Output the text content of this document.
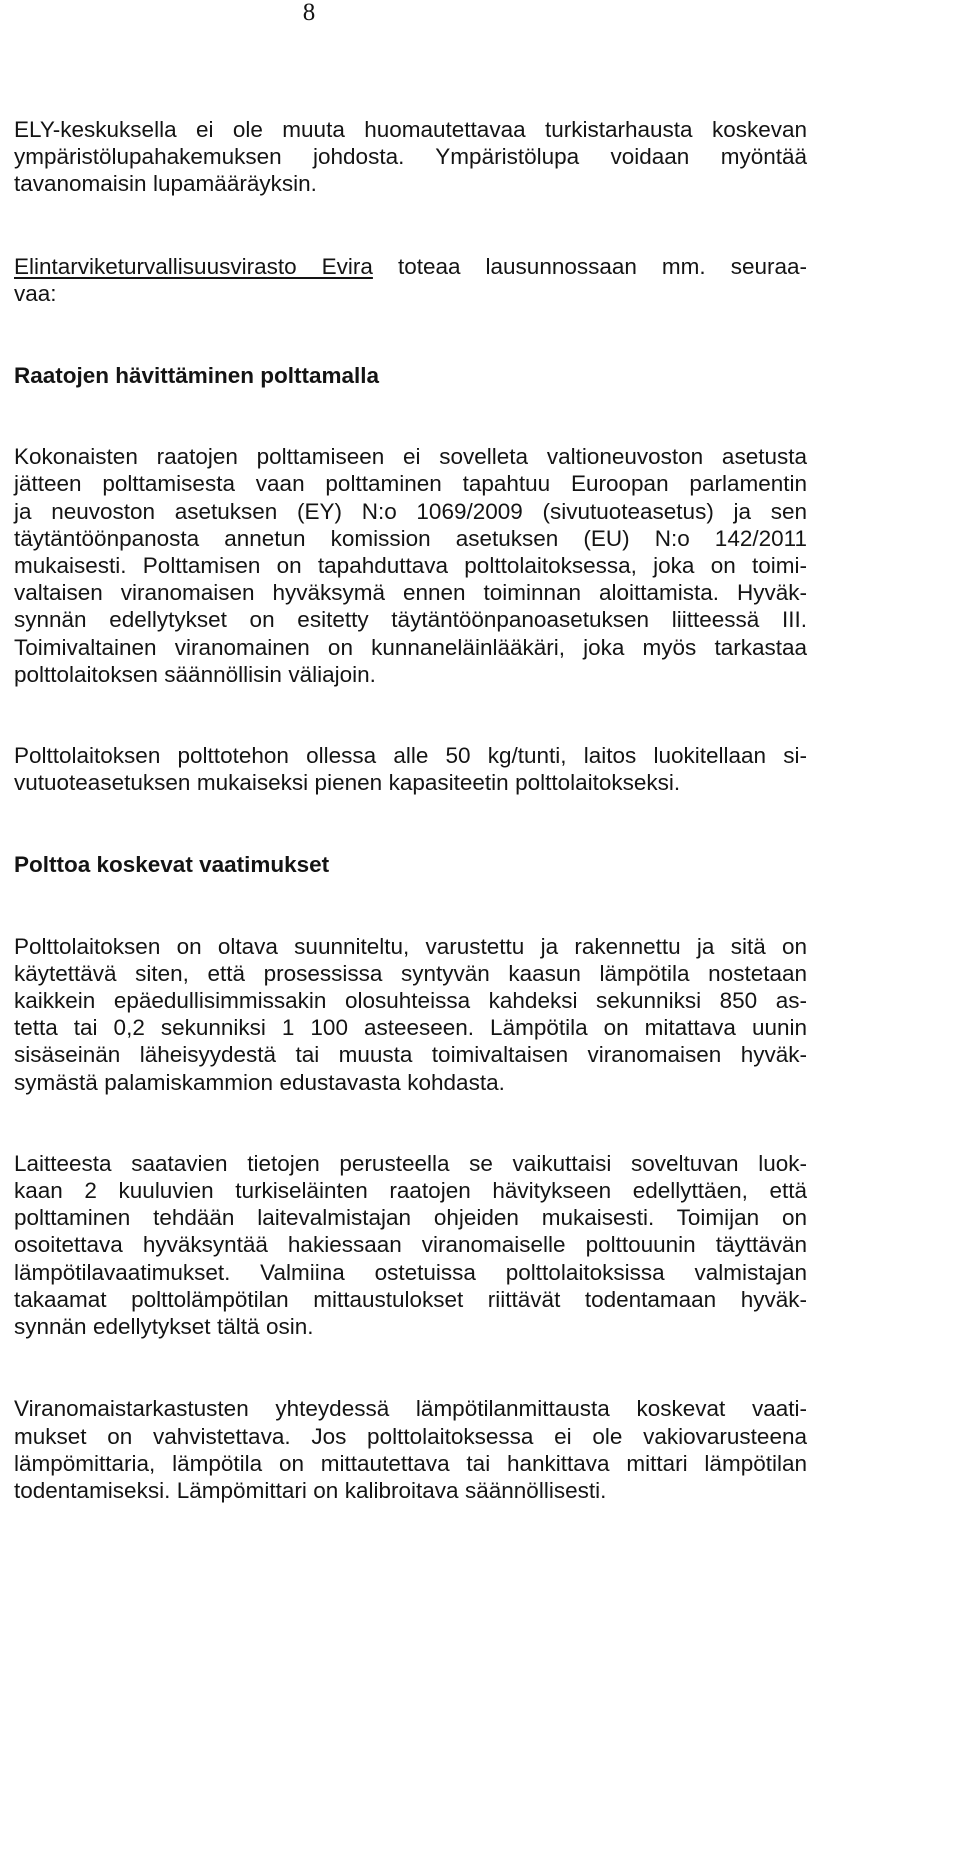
8

ELY-keskuksella ei ole muuta huomautettavaa turkistarhausta koskevan
ympäristölupahakemuksen johdosta. Ympäristölupa voidaan myöntää
tavanomaisin lupamääräyksin.

Elintarviketurvallisuusvirasto Evira toteaa lausunnossaan mm. seuraa-
vaa:

Raatojen hävittäminen polttamalla

Kokonaisten raatojen polttamiseen ei sovelleta valtioneuvoston asetusta
jätteen polttamisesta vaan polttaminen tapahtuu Euroopan parlamentin
ja neuvoston asetuksen (EY) N:o 1069/2009 (sivutuoteasetus) ja sen
täytäntöönpanosta annetun komission asetuksen (EU) N:o 142/2011
mukaisesti. Polttamisen on tapahduttava polttolaitoksessa, joka on toimi-
valtaisen viranomaisen hyväksymä ennen toiminnan aloittamista. Hyväk-
synnän edellytykset on esitetty täytäntöönpanoasetuksen liitteessä III.
Toimivaltainen viranomainen on kunnaneläinlääkäri, joka myös tarkastaa
polttolaitoksen säännöllisin väliajoin.

Polttolaitoksen polttotehon ollessa alle 50 kg/tunti, laitos luokitellaan si-
vutuoteasetuksen mukaiseksi pienen kapasiteetin polttolaitokseksi.

Polttoa koskevat vaatimukset

Polttolaitoksen on oltava suunniteltu, varustettu ja rakennettu ja sitä on
käytettävä siten, että prosessissa syntyvän kaasun lämpötila nostetaan
kaikkein epäedullisimmissakin olosuhteissa kahdeksi sekunniksi 850 as-
tetta tai 0,2 sekunniksi 1 100 asteeseen. Lämpötila on mitattava uunin
sisäseinän läheisyydestä tai muusta toimivaltaisen viranomaisen hyväk-
symästä palamiskammion edustavasta kohdasta.

Laitteesta saatavien tietojen perusteella se vaikuttaisi soveltuvan luok-
kaan 2 kuuluvien turkiseläinten raatojen hävitykseen edellyttäen, että
polttaminen tehdään laitevalmistajan ohjeiden mukaisesti. Toimijan on
osoitettava hyväksyntää hakiessaan viranomaiselle polttouunin täyttävän
lämpötilavaatimukset. Valmiina ostetuissa polttolaitoksissa valmistajan
takaamat polttolämpötilan mittaustulokset riittävät todentamaan hyväk-
synnän edellytykset tältä osin.

Viranomaistarkastusten yhteydessä lämpötilanmittausta koskevat vaati-
mukset on vahvistettava. Jos polttolaitoksessa ei ole vakiovarusteena
lämpömittaria, lämpötila on mittautettava tai hankittava mittari lämpötilan
todentamiseksi. Lämpömittari on kalibroitava säännöllisesti.
